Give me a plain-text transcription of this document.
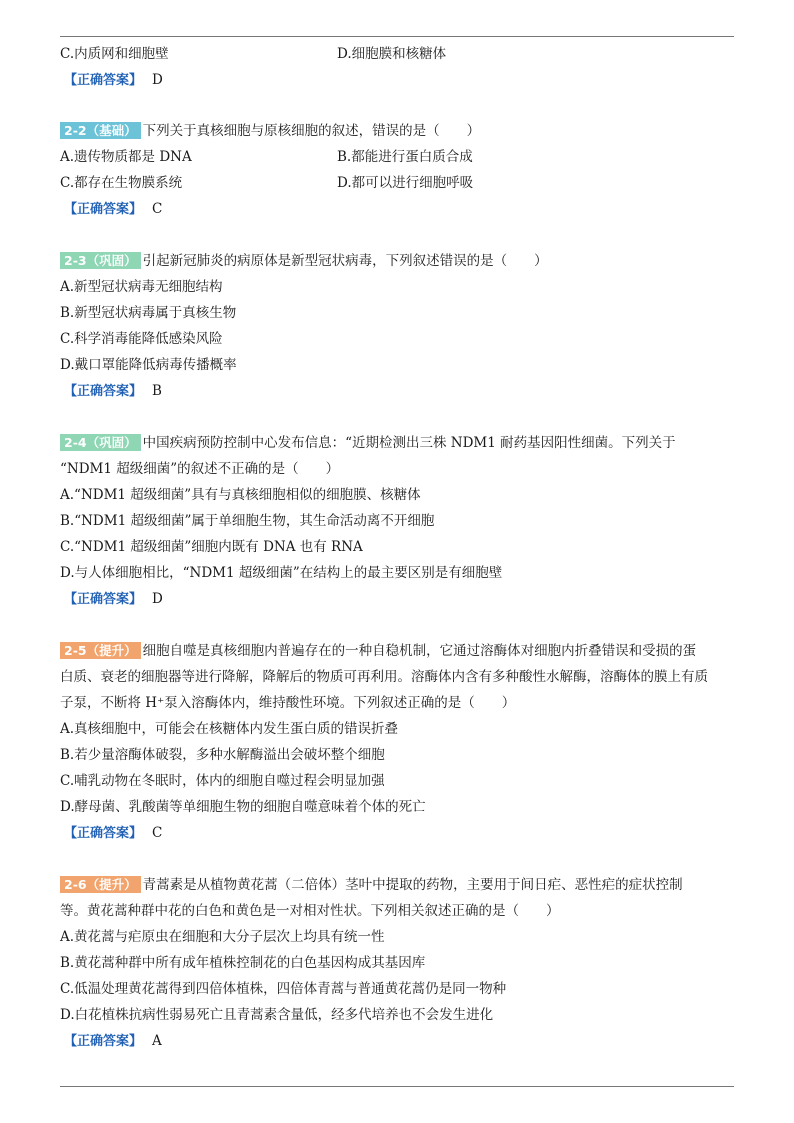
C.内质网和细胞壁	D.细胞膜和核糖体
【正确答案】 D
2-2（基础） 下列关于真核细胞与原核细胞的叙述，错误的是（　　）
A.遗传物质都是 DNA	B.都能进行蛋白质合成
C.都存在生物膜系统	D.都可以进行细胞呼吸
【正确答案】 C
2-3（巩固） 引起新冠肺炎的病原体是新型冠状病毒，下列叙述错误的是（　　）
A.新型冠状病毒无细胞结构
B.新型冠状病毒属于真核生物
C.科学消毒能降低感染风险
D.戴口罩能降低病毒传播概率
【正确答案】 B
2-4（巩固） 中国疾病预防控制中心发布信息：“近期检测出三株 NDM1 耐药基因阳性细菌。下列关于
“NDM1 超级细菌”的叙述不正确的是（　　）
A.“NDM1 超级细菌”具有与真核细胞相似的细胞膜、核糖体
B.“NDM1 超级细菌”属于单细胞生物，其生命活动离不开细胞
C.“NDM1 超级细菌”细胞内既有 DNA 也有 RNA
D.与人体细胞相比，“NDM1 超级细菌”在结构上的最主要区别是有细胞壁
【正确答案】 D
2-5（提升） 细胞自噬是真核细胞内普遍存在的一种自稳机制，它通过溶酶体对细胞内折叠错误和受损的蛋
白质、衰老的细胞器等进行降解，降解后的物质可再利用。溶酶体内含有多种酸性水解酶，溶酶体的膜上有质
子泵，不断将 H⁺泵入溶酶体内，维持酸性环境。下列叙述正确的是（　　）
A.真核细胞中，可能会在核糖体内发生蛋白质的错误折叠
B.若少量溶酶体破裂，多种水解酶溢出会破坏整个细胞
C.哺乳动物在冬眠时，体内的细胞自噬过程会明显加强
D.酵母菌、乳酸菌等单细胞生物的细胞自噬意味着个体的死亡
【正确答案】 C
2-6（提升） 青蒿素是从植物黄花蒿（二倍体）茎叶中提取的药物，主要用于间日疟、恶性疟的症状控制
等。黄花蒿种群中花的白色和黄色是一对相对性状。下列相关叙述正确的是（　　）
A.黄花蒿与疟原虫在细胞和大分子层次上均具有统一性
B.黄花蒿种群中所有成年植株控制花的白色基因构成其基因库
C.低温处理黄花蒿得到四倍体植株，四倍体青蒿与普通黄花蒿仍是同一物种
D.白花植株抗病性弱易死亡且青蒿素含量低，经多代培养也不会发生进化
【正确答案】 A
